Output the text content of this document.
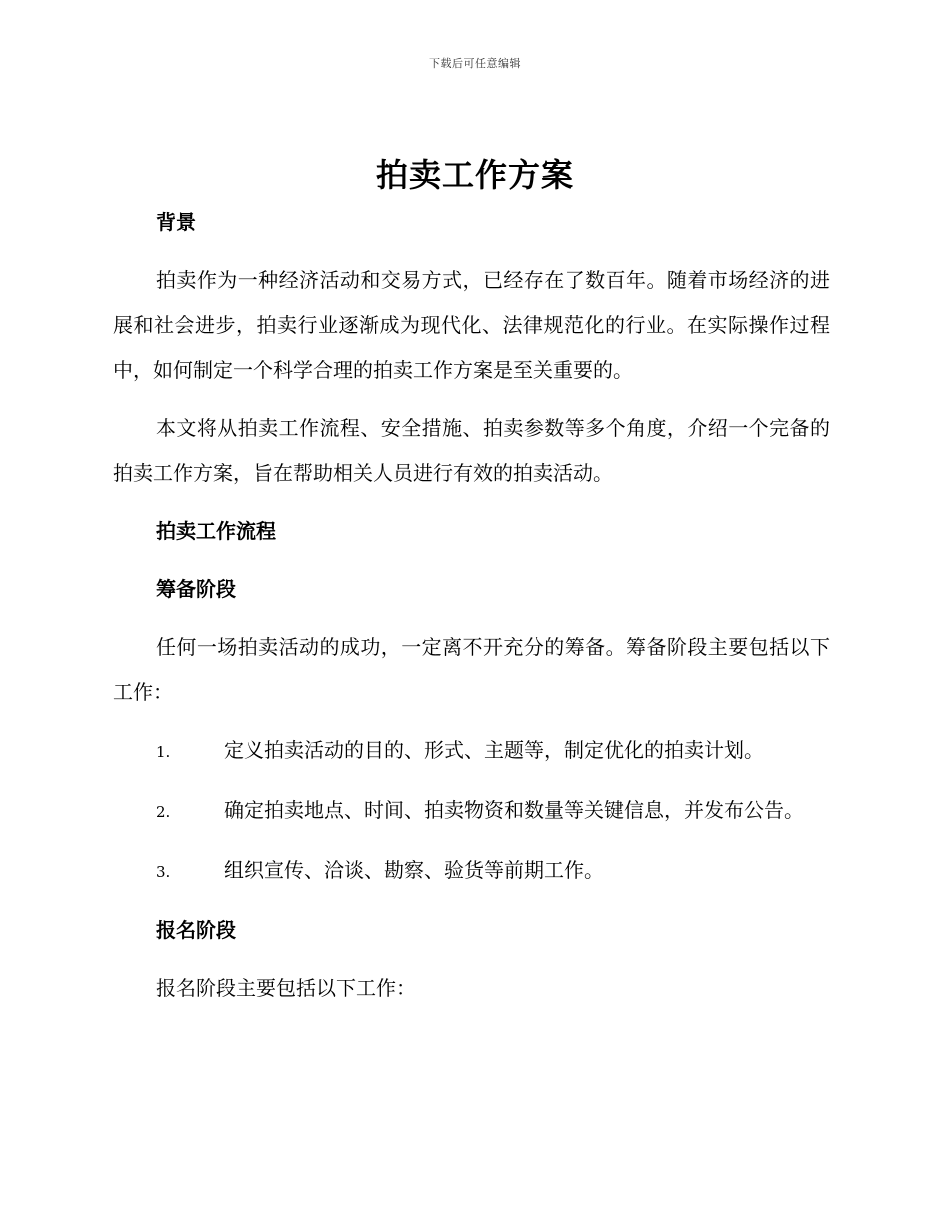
下载后可任意编辑
拍卖工作方案
背景

拍卖作为一种经济活动和交易方式，已经存在了数百年。随着市场经济的进展和社会进步，拍卖行业逐渐成为现代化、法律规范化的行业。在实际操作过程中，如何制定一个科学合理的拍卖工作方案是至关重要的。

本文将从拍卖工作流程、安全措施、拍卖参数等多个角度，介绍一个完备的拍卖工作方案，旨在帮助相关人员进行有效的拍卖活动。

拍卖工作流程
筹备阶段

任何一场拍卖活动的成功，一定离不开充分的筹备。筹备阶段主要包括以下工作：

1.	定义拍卖活动的目的、形式、主题等，制定优化的拍卖计划。
2.	确定拍卖地点、时间、拍卖物资和数量等关键信息，并发布公告。
3.	组织宣传、洽谈、勘察、验货等前期工作。
报名阶段

报名阶段主要包括以下工作：
